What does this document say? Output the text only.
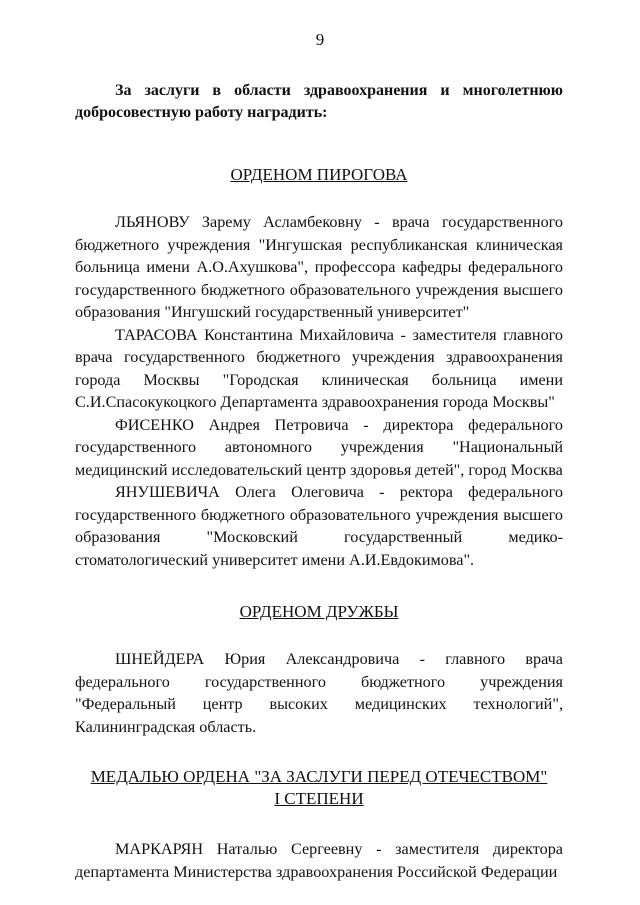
9

За заслуги в области здравоохранения и многолетнюю добросовестную работу наградить:

ОРДЕНОМ ПИРОГОВА

ЛЬЯНОВУ Зарему Асламбековну - врача государственного бюджетного учреждения "Ингушская республиканская клиническая больница имени А.О.Ахушкова", профессора кафедры федерального государственного бюджетного образовательного учреждения высшего образования "Ингушский государственный университет"

ТАРАСОВА Константина Михайловича - заместителя главного врача государственного бюджетного учреждения здравоохранения города Москвы "Городская клиническая больница имени С.И.Спасокукоцкого Департамента здравоохранения города Москвы"

ФИСЕНКО Андрея Петровича - директора федерального государственного автономного учреждения "Национальный медицинский исследовательский центр здоровья детей", город Москва

ЯНУШЕВИЧА Олега Олеговича - ректора федерального государственного бюджетного образовательного учреждения высшего образования "Московский государственный медико-стоматологический университет имени А.И.Евдокимова".

ОРДЕНОМ ДРУЖБЫ

ШНЕЙДЕРА Юрия Александровича - главного врача федерального государственного бюджетного учреждения "Федеральный центр высоких медицинских технологий", Калининградская область.

МЕДАЛЬЮ ОРДЕНА "ЗА ЗАСЛУГИ ПЕРЕД ОТЕЧЕСТВОМ"

I СТЕПЕНИ

МАРКАРЯН Наталью Сергеевну - заместителя директора департамента Министерства здравоохранения Российской Федерации
